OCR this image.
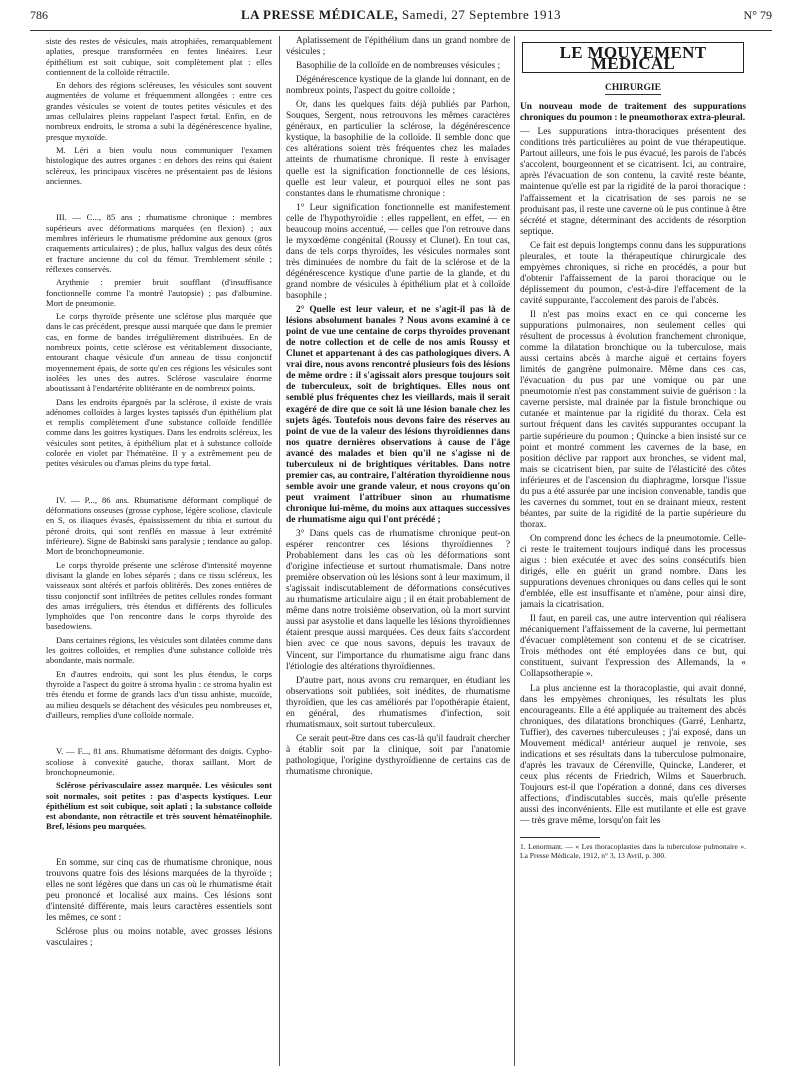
786	LA PRESSE MÉDICALE, Samedi, 27 Septembre 1913	N° 79

siste des restes de vésicules, mais atrophiées, remarquablement aplaties, presque transformées en fentes linéaires. Leur épithélium est soit cubique, soit complètement plat : elles contiennent de la colloïde rétractile.

En dehors des régions scléreuses, les vésicules sont souvent augmentées de volume et fréquemment allongées : entre ces grandes vésicules se voient de toutes petites vésicules et des amas cellulaires pleins rappelant l'aspect fœtal. Enfin, en de nombreux endroits, le stroma a subi la dégénérescence hyaline, presque myxoïde.

M. Léri a bien voulu nous communiquer l'examen histologique des autres organes : en dehors des reins qui étaient scléreux, les principaux viscères ne présentaient pas de lésions anciennes.

III. — C..., 85 ans ; rhumatisme chronique : membres supérieurs avec déformations marquées (en flexion) ; aux membres inférieurs le rhumatisme prédomine aux genoux (gros craquements articulaires) ; de plus, hallux valgus des deux côtés et fracture ancienne du col du fémur. Tremblement sénile ; réflexes conservés.

Arythmie : premier bruit soufflant (d'insuffisance fonctionnelle comme l'a montré l'autopsie) ; pas d'albumine. Mort de pneumonie.

Le corps thyroïde présente une sclérose plus marquée que dans le cas précédent, presque aussi marquée que dans le premier cas, en forme de bandes irrégulièrement distribuées. En de nombreux points, cette sclérose est véritablement dissociante, entourant chaque vésicule d'un anneau de tissu conjonctif moyennement épais, de sorte qu'en ces régions les vésicules sont isolées les unes des autres. Sclérose vasculaire énorme aboutissant à l'endartérite oblitérante en de nombreux points.

Dans les endroits épargnés par la sclérose, il existe de vrais adénomes colloïdes à larges kystes tapissés d'un épithélium plat et remplis complètement d'une substance colloïde fendillée comme dans les goitres kystiques. Dans les endroits scléreux, les vésicules sont petites, à épithélium plat et à substance colloïde colorée en violet par l'hématéine. Il y a extrêmement peu de petites vésicules ou d'amas pleins du type fœtal.

IV. — P..., 86 ans. Rhumatisme déformant compliqué de déformations osseuses (grosse cyphose, légère scoliose, clavicule en S, os iliaques évasés, épaississement du tibia et surtout du péroné droits, qui sont renflés en massue à leur extrémité inférieure). Signe de Babinski sans paralysie ; tendance au galop. Mort de bronchopneumonie.

Le corps thyroïde présente une sclérose d'intensité moyenne divisant la glande en lobes séparés ; dans ce tissu scléreux, les vaisseaux sont altérés et parfois oblitérés. Des zones entières de tissu conjonctif sont infiltrées de petites cellules rondes formant des amas irréguliers, très étendus et différents des follicules lymphoïdes que l'on rencontre dans le corps thyroïde des basedowiens.

Dans certaines régions, les vésicules sont dilatées comme dans les goitres colloïdes, et remplies d'une substance colloïde très abondante, mais normale.

En d'autres endroits, qui sont les plus étendus, le corps thyroïde a l'aspect du goitre à stroma hyalin : ce stroma hyalin est très étendu et forme de grands lacs d'un tissu anhiste, mucoïde, au milieu desquels se détachent des vésicules peu nombreuses et, d'ailleurs, remplies d'une colloïde normale.

V. — F..., 81 ans. Rhumatisme déformant des doigts. Cypho-scoliose à convexité gauche, thorax saillant. Mort de bronchopneumonie.

Sclérose périvasculaire assez marquée. Les vésicules sont soit normales, soit petites : pas d'aspects kystiques. Leur épithélium est soit cubique, soit aplati ; la substance colloïde est abondante, non rétractile et très souvent hématéinophile. Bref, lésions peu marquées.

En somme, sur cinq cas de rhumatisme chronique, nous trouvons quatre fois des lésions marquées de la thyroïde ; elles ne sont légères que dans un cas où le rhumatisme était peu prononcé et localisé aux mains. Ces lésions sont d'intensité différente, mais leurs caractères essentiels sont les mêmes, ce sont :

Sclérose plus ou moins notable, avec grosses lésions vasculaires ;

Aplatissement de l'épithélium dans un grand nombre de vésicules ;

Basophilie de la colloïde en de nombreuses vésicules ;

Dégénérescence kystique de la glande lui donnant, en de nombreux points, l'aspect du goitre colloïde ;

Or, dans les quelques faits déjà publiés par Parhon, Souques, Sergent, nous retrouvons les mêmes caractères généraux, en particulier la sclérose, la dégénérescence kystique, la basophilie de la colloïde. Il semble donc que ces altérations soient très fréquentes chez les malades atteints de rhumatisme chronique. Il reste à envisager quelle est la signification fonctionnelle de ces lésions, quelle est leur valeur, et pourquoi elles ne sont pas constantes dans le rhumatisme chronique :

1° Leur signification fonctionnelle est manifestement celle de l'hypothyroïdie : elles rappellent, en effet, — en beaucoup moins accentué, — celles que l'on retrouve dans le myxœdème congénital (Roussy et Clunet). En tout cas, dans de tels corps thyroïdes, les vésicules normales sont très diminuées de nombre du fait de la sclérose et de la dégénérescence kystique d'une partie de la glande, et du grand nombre de vésicules à épithélium plat et à colloïde basophile ;

2° Quelle est leur valeur, et ne s'agit-il pas là de lésions absolument banales ? Nous avons examiné à ce point de vue une centaine de corps thyroïdes provenant de notre collection et de celle de nos amis Roussy et Clunet et appartenant à des cas pathologiques divers. A vrai dire, nous avons rencontré plusieurs fois des lésions de même ordre : il s'agissait alors presque toujours soit de tuberculeux, soit de brightiques. Elles nous ont semblé plus fréquentes chez les vieillards, mais il serait exagéré de dire que ce soit là une lésion banale chez les sujets âgés. Toutefois nous devons faire des réserves au point de vue de la valeur des lésions thyroïdiennes dans nos quatre dernières observations à cause de l'âge avancé des malades et bien qu'il ne s'agisse ni de tuberculeux ni de brightiques véritables. Dans notre premier cas, au contraire, l'altération thyroïdienne nous semble avoir une grande valeur, et nous croyons qu'on peut vraiment l'attribuer sinon au rhumatisme chronique lui-même, du moins aux attaques successives de rhumatisme aigu qui l'ont précédé ;

3° Dans quels cas de rhumatisme chronique peut-on espérer rencontrer ces lésions thyroïdiennes ? Probablement dans les cas où les déformations sont d'origine infectieuse et surtout rhumatismale. Dans notre première observation où les lésions sont à leur maximum, il s'agissait indiscutablement de déformations consécutives au rhumatisme articulaire aigu ; il en était probablement de même dans notre troisième observation, où la mort survint aussi par asystolie et dans laquelle les lésions thyroïdiennes étaient presque aussi marquées. Ces deux faits s'accordent bien avec ce que nous savons, depuis les travaux de Vincent, sur l'importance du rhumatisme aigu franc dans l'étiologie des altérations thyroïdiennes.

D'autre part, nous avons cru remarquer, en étudiant les observations soit publiées, soit inédites, de rhumatisme thyroïdien, que les cas améliorés par l'opothérapie étaient, en général, des rhumatismes d'infection, soit rhumatismaux, soit surtout tuberculeux.

Ce serait peut-être dans ces cas-là qu'il faudrait chercher à établir soit par la clinique, soit par l'anatomie pathologique, l'origine dysthyroïdienne de certains cas de rhumatisme chronique.

LE MOUVEMENT MÉDICAL
CHIRURGIE

Un nouveau mode de traitement des suppurations chroniques du poumon : le pneumothorax extra-pleural.

— Les suppurations intra-thoraciques présentent des conditions très particulières au point de vue thérapeutique. Partout ailleurs, une fois le pus évacué, les parois de l'abcès s'accolent, bourgeonnent et se cicatrisent. Ici, au contraire, après l'évacuation de son contenu, la cavité reste béante, maintenue qu'elle est par la rigidité de la paroi thoracique : l'affaissement et la cicatrisation de ses parois ne se produisant pas, il reste une caverne où le pus continue à être sécrété et stagne, déterminant des accidents de résorption septique.

Ce fait est depuis longtemps connu dans les suppurations pleurales, et toute la thérapeutique chirurgicale des empyèmes chroniques, si riche en procédés, a pour but d'obtenir l'affaissement de la paroi thoracique ou le déplissement du poumon, c'est-à-dire l'effacement de la cavité suppurante, l'accolement des parois de l'abcès.

Il n'est pas moins exact en ce qui concerne les suppurations pulmonaires, non seulement celles qui résultent de processus à évolution franchement chronique, comme la dilatation bronchique ou la tuberculose, mais aussi certains abcès à marche aiguë et certains foyers limités de gangrène pulmonaire. Même dans ces cas, l'évacuation du pus par une vomique ou par une pneumotomie n'est pas constamment suivie de guérison : la caverne persiste, mal drainée par la fistule bronchique ou cutanée et maintenue par la rigidité du thorax. Cela est surtout fréquent dans les cavités suppurantes occupant la partie supérieure du poumon ; Quincke a bien insisté sur ce point et montré comment les cavernes de la base, en position déclive par rapport aux bronches, se vident mal, mais se cicatrisent bien, par suite de l'élasticité des côtes inférieures et de l'ascension du diaphragme, lorsque l'issue du pus a été assurée par une incision convenable, tandis que les cavernes du sommet, tout en se drainant mieux, restent béantes, par suite de la rigidité de la partie supérieure du thorax.

On comprend donc les échecs de la pneumotomie. Celle-ci reste le traitement toujours indiqué dans les processus aigus : bien exécutée et avec des soins consécutifs bien dirigés, elle en guérit un grand nombre. Dans les suppurations devenues chroniques ou dans celles qui le sont d'emblée, elle est insuffisante et n'amène, pour ainsi dire, jamais la cicatrisation.

Il faut, en pareil cas, une autre intervention qui réalisera mécaniquement l'affaissement de la caverne, lui permettant d'évacuer complètement son contenu et de se cicatriser. Trois méthodes ont été employées dans ce but, qui constituent, suivant l'expression des Allemands, la « Collapsotherapie ».

La plus ancienne est la thoracoplastie, qui avait donné, dans les empyèmes chroniques, les résultats les plus encourageants. Elle a été appliquée au traitement des abcès chroniques, des dilatations bronchiques (Garré, Lenhartz, Tuffier), des cavernes tuberculeuses ; j'ai exposé, dans un Mouvement médical¹ antérieur auquel je renvoie, ses indications et ses résultats dans la tuberculose pulmonaire, d'après les travaux de Cérenville, Quincke, Landerer, et ceux plus récents de Friedrich, Wilms et Sauerbruch. Toujours est-il que l'opération a donné, dans ces diverses affections, d'indiscutables succès, mais qu'elle présente aussi des inconvénients. Elle est mutilante et elle est grave — très grave même, lorsqu'on fait les

1. Lenormant. — « Les thoracoplasties dans la tuberculose pulmonaire ». La Presse Médicale, 1912, n° 3, 13 Avril, p. 300.
